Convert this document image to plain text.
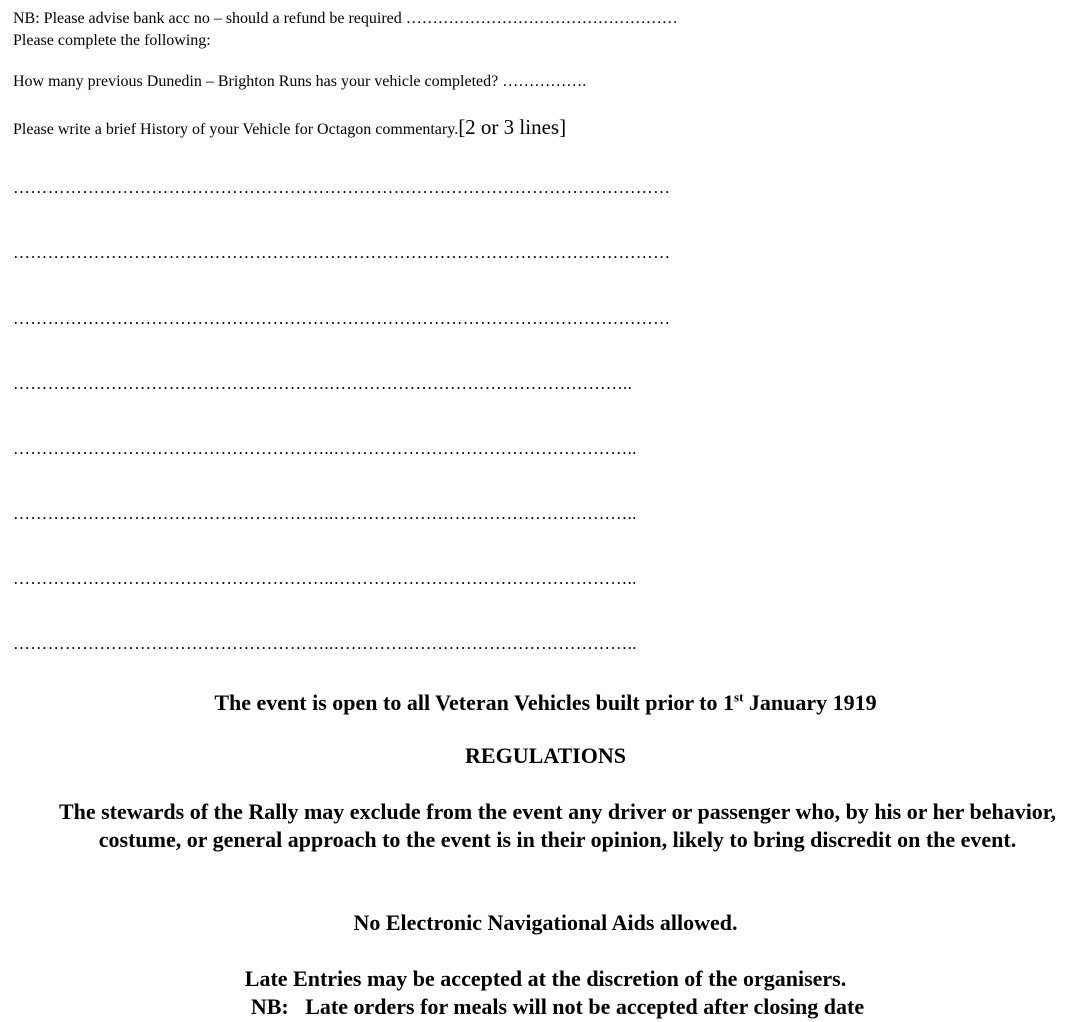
NB: Please advise bank acc no – should a refund be required ……………………………………………
Please complete the following:
How many previous Dunedin – Brighton Runs has your vehicle completed? …………….
Please write a brief History of your Vehicle for Octagon commentary.[2 or 3 lines]
……………………………………………………………………………………………………
……………………………………………………………………………………………………
……………………………………………………………………………………………………
……………………………………………….……………………………………………..
………………………………………………..……………………………………………..
………………………………………………..……………………………………………..
………………………………………………..……………………………………………..
………………………………………………..……………………………………………..
The event is open to all Veteran Vehicles built prior to 1st January 1919
REGULATIONS
The stewards of the Rally may exclude from the event any driver or passenger who, by his or her behavior, costume, or general approach to the event is in their opinion, likely to bring discredit on the event.
No Electronic Navigational Aids allowed.
Late Entries may be accepted at the discretion of the organisers.
NB:   Late orders for meals will not be accepted after closing date
